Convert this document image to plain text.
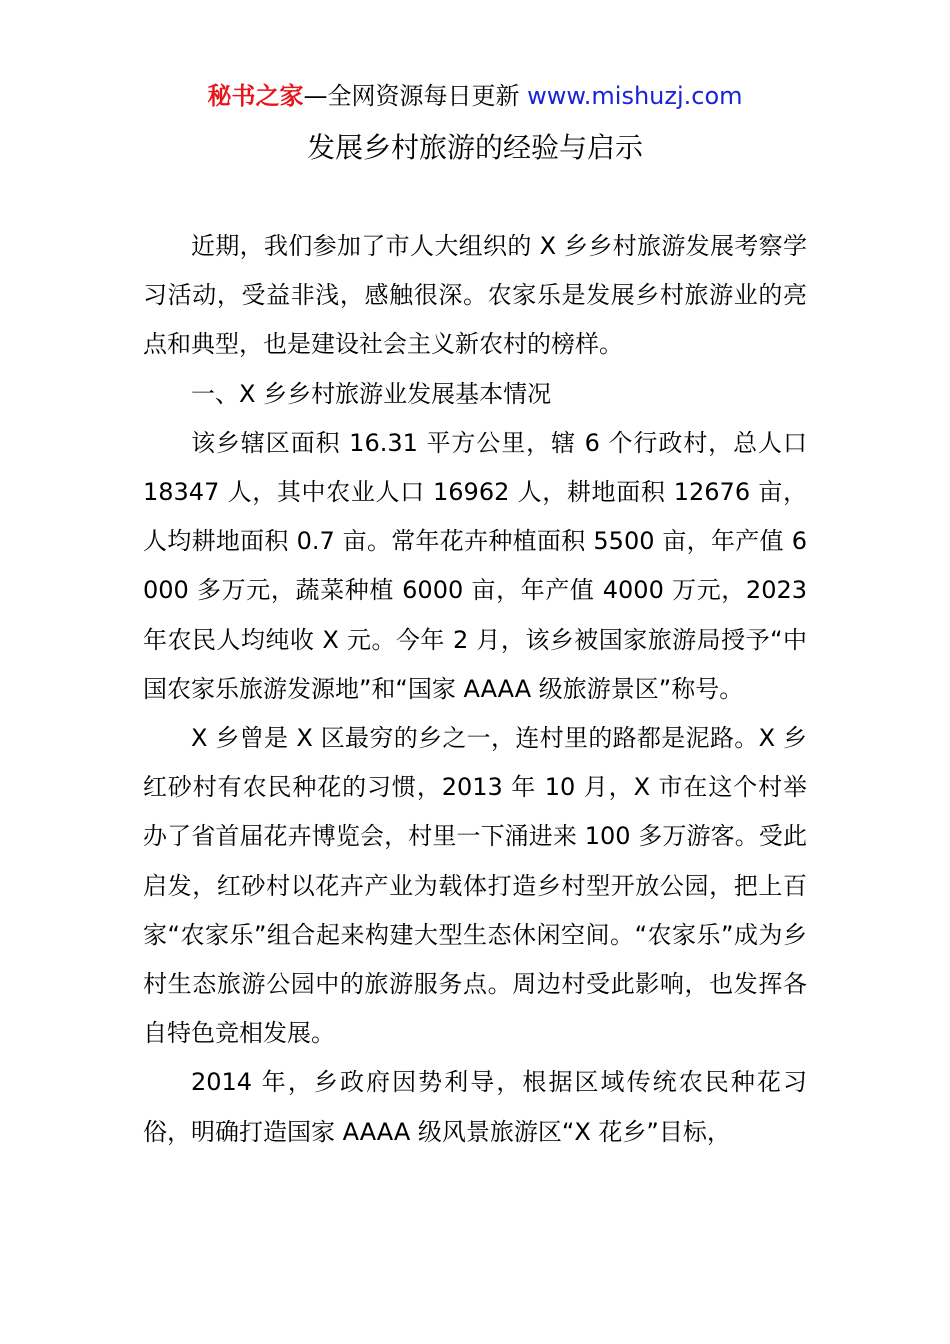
秘书之家—全网资源每日更新 www.mishuzj.com
发展乡村旅游的经验与启示

近期，我们参加了市人大组织的 X 乡乡村旅游发展考察学习活动，受益非浅，感触很深。农家乐是发展乡村旅游业的亮点和典型，也是建设社会主义新农村的榜样。

一、X 乡乡村旅游业发展基本情况

该乡辖区面积 16.31 平方公里，辖 6 个行政村，总人口 18347 人，其中农业人口 16962 人，耕地面积 12676 亩，人均耕地面积 0.7 亩。常年花卉种植面积 5500 亩，年产值 6000 多万元，蔬菜种植 6000 亩，年产值 4000 万元，2023 年农民人均纯收 X 元。今年 2 月，该乡被国家旅游局授予“中国农家乐旅游发源地”和“国家 AAAA 级旅游景区”称号。

X 乡曾是 X 区最穷的乡之一，连村里的路都是泥路。X 乡红砂村有农民种花的习惯，2013 年 10 月，X 市在这个村举办了省首届花卉博览会，村里一下涌进来 100 多万游客。受此启发，红砂村以花卉产业为载体打造乡村型开放公园，把上百家“农家乐”组合起来构建大型生态休闲空间。“农家乐”成为乡村生态旅游公园中的旅游服务点。周边村受此影响，也发挥各自特色竞相发展。

2014 年，乡政府因势利导，根据区域传统农民种花习俗，明确打造国家 AAAA 级风景旅游区“X 花乡”目标，
